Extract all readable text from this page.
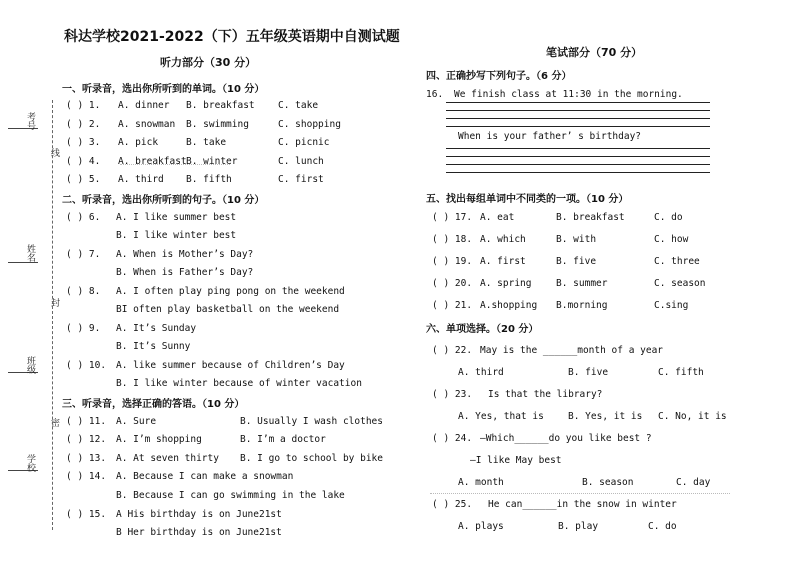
考号
线
姓名
封
班级
密
学校
科达学校2021-2022（下）五年级英语期中自测试题
听力部分（30 分）
笔试部分（70 分）
一、听录音，选出你所听到的单词。（10 分）
( ) 1. A. dinner B. breakfast C. take
( ) 2. A. snowman B. swimming	C. shopping
( ) 3. A. pick	B. take	C. picnic
( ) 4. A. breakfast B. winter	C. lunch
( ) 5. A. third B. fifth	C. first
二、听录音，选出你所听到的句子。（10 分）
( ) 6. A. I like summer best
B. I like winter best
( ) 7. A. When is Mother’s Day?
B. When is Father’s Day?
( ) 8. A. I often play ping pong on the weekend
BI often play basketball on the weekend
( ) 9. A. It’s Sunday
B. It’s Sunny
( ) 10. A. like summer because of Children’s Day
B. I like winter because of winter vacation
三、听录音，选择正确的答语。（10 分）
( ) 11. A. Sure	B. Usually I wash clothes
( ) 12. A. I’m shopping	B. I’m a doctor
( ) 13. A. At seven thirty B. I go to school by bike
( ) 14. A. Because I can make a snowman
B. Because I can go swimming in the lake
( ) 15. A His birthday is on June21st
B Her birthday is on June21st
四、正确抄写下列句子。（6 分）
16. We finish class at 11:30 in the morning.
When is your father’ s birthday?
五、找出每组单词中不同类的一项。（10 分）
( ) 17. A. eat	B. breakfast	C. do
( ) 18. A. which	B. with	C. how
( ) 19. A. first	B. five	C. three
( ) 20. A. spring	B. summer	C. season
( ) 21. A.shopping B.morning	C.sing
六、单项选择。（20 分）
( ) 22. May is the ______month of a year
A. third	B. five	C. fifth
( ) 23. Is that the library?
A. Yes, that is	B. Yes, it is C. No, it is
( ) 24. —Which______do you like best ?
—I like May best
A. month	B. season	C. day
( ) 25. He can______in the snow in winter
A. plays	B. play	C. do
